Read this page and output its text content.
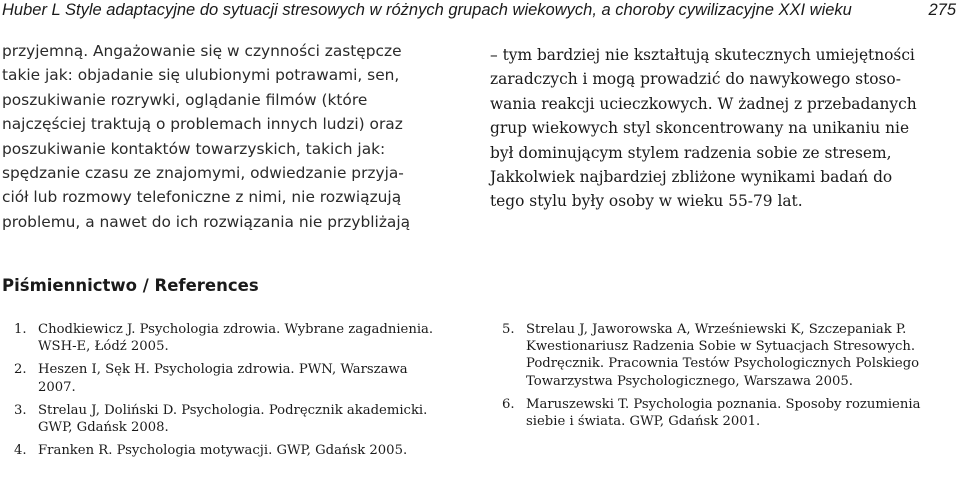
Huber L Style adaptacyjne do sytuacji stresowych w różnych grupach wiekowych, a choroby cywilizacyjne XXI wieku	275
przyjemną. Angażowanie się w czynności zastępcze
takie jak: objadanie się ulubionymi potrawami, sen,
poszukiwanie rozrywki, oglądanie filmów (które
najczęściej traktują o problemach innych ludzi) oraz
poszukiwanie kontaktów towarzyskich, takich jak:
spędzanie czasu ze znajomymi, odwiedzanie przyja-
ciół lub rozmowy telefoniczne z nimi, nie rozwiązują
problemu, a nawet do ich rozwiązania nie przybliżają
– tym bardziej nie kształtują skutecznych umiejętności
zaradczych i mogą prowadzić do nawykowego stoso-
wania reakcji ucieczkowych. W żadnej z przebadanych
grup wiekowych styl skoncentrowany na unikaniu nie
był dominującym stylem radzenia sobie ze stresem,
Jakkolwiek najbardziej zbliżone wynikami badań do
tego stylu były osoby w wieku 55-79 lat.
Piśmiennictwo / References
1. Chodkiewicz J. Psychologia zdrowia. Wybrane zagadnienia.
WSH-E, Łódź 2005.
2. Heszen I, Sęk H. Psychologia zdrowia. PWN, Warszawa
2007.
3. Strelau J, Doliński D. Psychologia. Podręcznik akademicki.
GWP, Gdańsk 2008.
4. Franken R. Psychologia motywacji. GWP, Gdańsk 2005.
5. Strelau J, Jaworowska A, Wrześniewski K, Szczepaniak P.
Kwestionariusz Radzenia Sobie w Sytuacjach Stresowych.
Podręcznik. Pracownia Testów Psychologicznych Polskiego
Towarzystwa Psychologicznego, Warszawa 2005.
6. Maruszewski T. Psychologia poznania. Sposoby rozumienia
siebie i świata. GWP, Gdańsk 2001.
